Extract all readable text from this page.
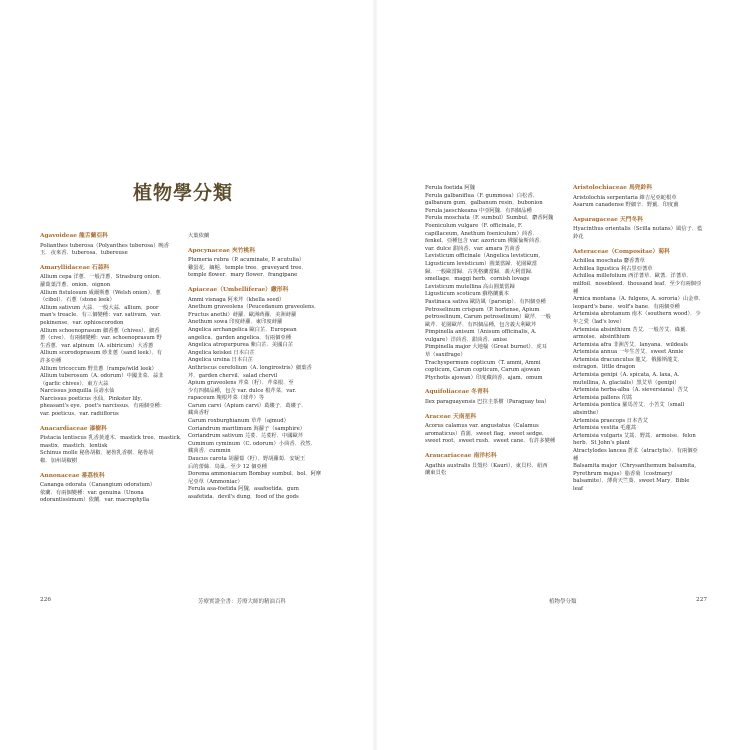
植物學分類

Agavoideae 龍舌蘭亞科

Polianthes tuberosa（Polyanthes tuberosa）晚香

玉．夜來香．tuberosa．tubereuse

Amaryllidaceae 石蒜科

Allium cepa 洋蔥．一般洋蔥．Strasburg onion．

蘿蔔葉洋蔥．onion．oignon

Allium fistulosum 威爾斯蔥（Welsh onion）．蔥

（cibol）．石蔥（stone leek）

Allium sativum 大蒜．一般大蒜．allium．poor

man's treacle．有三個變種：var. sativum．var.

pekinense．var. ophioscorodon

Allium schoenoprasum 細香蔥（chives）．細香

蔥（cive）．有兩個變種：var. schoenoprasum 野

生香蔥．var. alpinum（A. sibiricum）大香蔥

Allium scorodoprasum 砂韭蔥（sand leek）．有

許多亞種

Allium tricoccum 野韭蔥（ramps/wild leek）

Allium tuberosum（A. odorum）中國韭菜．蒜韭

（garlic chives）．東方大蒜

Narcissus jonquilla 長壽水仙

Narcissus poeticus 水仙．Pinkster lily．

pheasant's eye．poet's narcissus．有兩個亞種：

var. poeticus．var. radiiflorus

Anacardiaceae 漆樹科

Pistacia lentiscus 乳香黃連木．mastick tree．mastick．

mastix．mastich．lentisk

Schinus molle 秘魯胡椒．祕魯乳香樹．秘魯胡

椒．加州胡椒樹

Annonaceae 番荔枝科

Cananga odorata（Canangium odoratum）

依蘭．有兩個變種：var. genuina（Unona

odorantissimum）依蘭．var. macrophylla

大葉依蘭

Apocynaceae 夾竹桃科

Plumeria rubra（P. acuminate, P. acutulia）

雞蛋花．緬梔．temple tree．graveyard tree．

temple flower．mary flower．frangipane

Apiaceae（Umbelliferae）繖形科

Ammi visnaga 阿米芹（khella seed）

Anethum graveolens（Peucedanum graveolens．

Fructus anethi）蒔蘿．歐洲蒔蘿．美洲蒔蘿

Anethum sowa 印度蒔蘿．東印度蒔蘿

Angelica archangelica 歐白芷．European

angelica．garden angelica．有兩個亞種

Angelica atropurpurea 紫白芷．美國白芷

Angelica keiskei 日本白芷

Angelica ursina 日本白芷

Anthriscus cerefolium（A. longirostris）細葉香

芹．garden chervil．salad chervil

Apium graveolens 芹菜（籽）．芹菜根．至

少有四個品種，包含 var. dulce 根芹菜．var.

rapaceum 塊根芹菜（球芹）等

Carum carvi（Apium carvi）葛縷子．葛縷子．

藏茴香籽

Carum roxburghianum 草芹（ajmud）

Coriandrum maritimum 海蘿子（samphire）

Coriandrum sativum 芫荽．芫荽籽．中國歐芹

Cuminum cyminum（C. odorum）小茴香．孜然．

藏茴香．cummin

Daucus carota 胡蘿蔔（籽）．野胡蘿蔔．安妮王

后的蕾絲．鳥巢．至少 12 個亞種

Dorema ammoniacum Bombay sumbul．bol．阿摩

尼亞草（Ammoniac）

Ferula asa-foetida 阿魏．asafoetida．gum

asafetida．devil's dung．food of the gods

226	芳療實證全書：芳療大師的精油百科

Ferula foetida 阿魏

Ferula galbaniflua（F. gummosa）白松香．

galbanum gum．galbanum resin．bubonion

Ferula jaeschkeana 中亞阿魏．有四個品種

Ferula moschata（F. sumbul）Sumbul．麝香阿魏

Foeniculum vulgare（F. officinale, F.

capillaceum, Anethum foeniculum）茴香．

fenkel．亞種包含 var. azoricum 佛羅倫斯茴香．

var. dulce 甜茴香．var. amara 苦茴香

Levisticum officinale（Angelica levisticum,

Ligusticum levisticum）圓葉當歸．花園歐當

歸．一般歐當歸．古英格蘭當歸．義大利當歸．

smellage．maggi herb．cornish lovage

Levisticum mutellina 高山圓葉當歸

Ligusticum scoticum 蘇格蘭藁本

Pastinaca sativa 歐防風（parsnip）．有四個亞種

Petroselinum crispum（P. hortense, Apium

petroselinum, Carum petroselinum）歐芹．一般

歐芹．花園歐芹．有四個品種，包含義大利歐芹

Pimpinella anisum（Anisum officinalis, A.

vulgare）洋茴香．甜茴香．anise

Pimpinella major 大地榆（Great burnet）．虎耳

草（saxifrage）

Trachyspermum copticum（T. ammi, Ammi

copticum, Carum copticum, Carum ajowan

Ptychotis ajowan）印度藏茴香．ajam．omum

Aquifoliaceae 冬青科

Ilex paraguayensis 巴拉圭茶樹（Paraguay tea）

Araceae 天南星科

Acorus calamus var. angustatus（Calamus

aromaticus）菖蒲．sweet flag．sweet sedge．

sweet root．sweet rush．sweet cane．有許多變種

Araucariaceae 南洋杉科

Agathis australis 貝殼杉（Kauri）．東貝杉．紐西

蘭東貝松

Aristolochiaceae 馬兜鈴科

Aristolochia serpentaria 維吉尼亞蛇根草

Asarum canadense 野細辛．野薑．印度薑

Asparagaceae 天門冬科

Hyacinthus orientalis（Scilla nutans）風信子．藍

鈴花

Asteraceae（Compositae）菊科

Achillea moschata 麝香蓍草

Achillea ligustica 利古里亞蓍草

Achillea millefolium 西洋蓍草．歐蓍．洋蓍草．

milfoil．nosebleed．thousand leaf．至少有兩個亞

種

Arnica montana（A. fulgens, A. sororia）山金車．

leopard's bane．wolf's bane．有兩個亞種

Artemisia abrotanum 南木（southern wood）．少

年之愛（lad's love）

Artemisia absinthium 苦艾．一般苦艾．綠薑．

armoise．absinthium

Artemisia afra 非洲苦艾．lanyana．wildeals

Artemisia annua 一年生苦艾．sweet Annie

Artemisia dracunculus 龍艾．俄羅斯龍艾．

estragon．little dragon

Artemisia genipi（A. spicata, A. laxa, A.

mutellina, A. glacialis）黑艾草（genipi）

Artemisia herba-alba（A. sieversiana）苦艾

Artemisia pallens 印蒿

Artemisia pontica 羅馬苦艾．小苦艾（small

absinthe）

Artemisia praecops 日本苦艾

Artemisia vestita 毛蓮蒿

Artemisia vulgaris 艾蒿．野蒿．armoise．felon

herb．St John's plant

Atractylodes lancea 蒼朮（atractylis）．有兩個亞

種

Balsamita major（Chrysanthemum balsamita,

Pyrethrum majus）脂香菊（costmary/

balsamite）．薄荷天竺葵．sweet Mary．Bible

leaf

植物學分類	227
